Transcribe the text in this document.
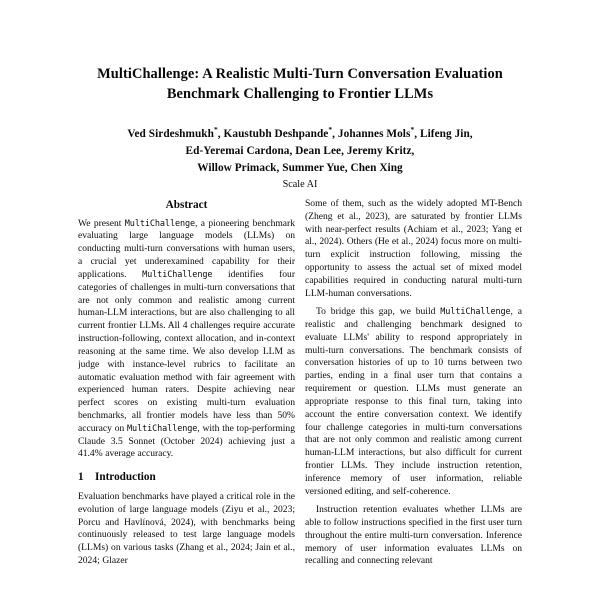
MultiChallenge: A Realistic Multi-Turn Conversation Evaluation
Benchmark Challenging to Frontier LLMs
Ved Sirdeshmukh*, Kaustubh Deshpande*, Johannes Mols*, Lifeng Jin,
Ed-Yeremai Cardona, Dean Lee, Jeremy Kritz,
Willow Primack, Summer Yue, Chen Xing
Scale AI
Abstract

We present MultiChallenge, a pioneering benchmark evaluating large language models (LLMs) on conducting multi-turn conversations with human users, a crucial yet underexamined capability for their applications. MultiChallenge identifies four categories of challenges in multi-turn conversations that are not only common and realistic among current human-LLM interactions, but are also challenging to all current frontier LLMs. All 4 challenges require accurate instruction-following, context allocation, and in-context reasoning at the same time. We also develop LLM as judge with instance-level rubrics to facilitate an automatic evaluation method with fair agreement with experienced human raters. Despite achieving near perfect scores on existing multi-turn evaluation benchmarks, all frontier models have less than 50% accuracy on MultiChallenge, with the top-performing Claude 3.5 Sonnet (October 2024) achieving just a 41.4% average accuracy.

1 Introduction

Evaluation benchmarks have played a critical role in the evolution of large language models (Ziyu et al., 2023; Porcu and Havlínová, 2024), with benchmarks being continuously released to test large language models (LLMs) on various tasks (Zhang et al., 2024; Jain et al., 2024; Glazer

Some of them, such as the widely adopted MT-Bench (Zheng et al., 2023), are saturated by frontier LLMs with near-perfect results (Achiam et al., 2023; Yang et al., 2024). Others (He et al., 2024) focus more on multi-turn explicit instruction following, missing the opportunity to assess the actual set of mixed model capabilities required in conducting natural multi-turn LLM-human conversations.

To bridge this gap, we build MultiChallenge, a realistic and challenging benchmark designed to evaluate LLMs' ability to respond appropriately in multi-turn conversations. The benchmark consists of conversation histories of up to 10 turns between two parties, ending in a final user turn that contains a requirement or question. LLMs must generate an appropriate response to this final turn, taking into account the entire conversation context. We identify four challenge categories in multi-turn conversations that are not only common and realistic among current human-LLM interactions, but also difficult for current frontier LLMs. They include instruction retention, inference memory of user information, reliable versioned editing, and self-coherence.

Instruction retention evaluates whether LLMs are able to follow instructions specified in the first user turn throughout the entire multi-turn conversation. Inference memory of user information evaluates LLMs on recalling and connecting relevant
